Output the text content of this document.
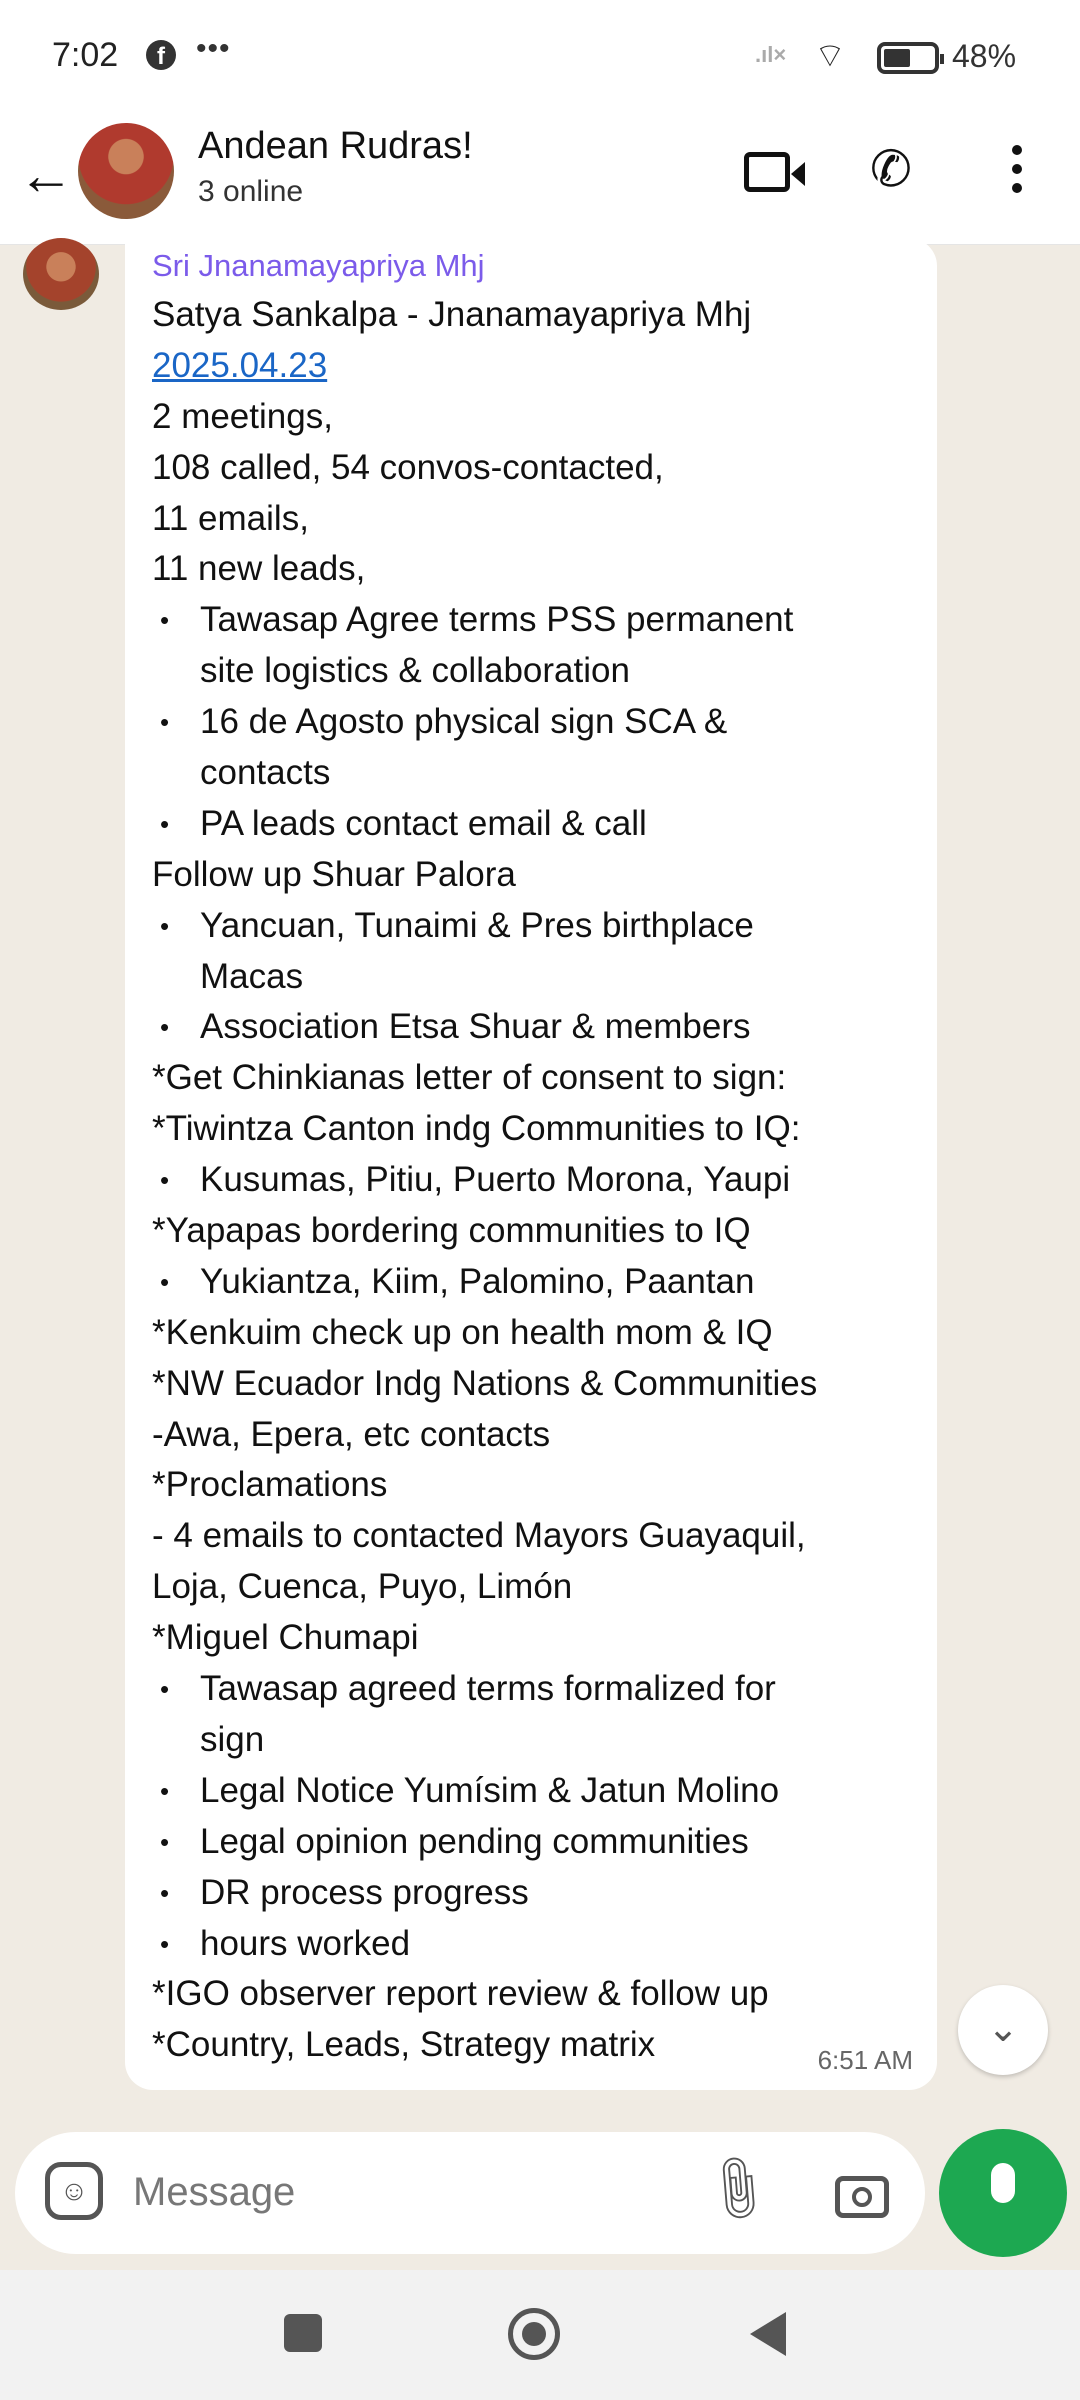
7:02	f	•••	.ıl× ⌔	48%
←	Andean Rudras!
3 online	✆
Sri Jnanamayapriya Mhj
Satya Sankalpa - Jnanamayapriya Mhj
2025.04.23
2 meetings,
108 called, 54 convos-contacted,
11 emails,
11 new leads,
• Tawasap Agree terms PSS permanent
site logistics & collaboration
• 16 de Agosto physical sign SCA &
contacts
• PA leads contact email & call
Follow up Shuar Palora
• Yancuan, Tunaimi & Pres birthplace
Macas
• Association Etsa Shuar & members
*Get Chinkianas letter of consent to sign:
*Tiwintza Canton indg Communities to IQ:
• Kusumas, Pitiu, Puerto Morona, Yaupi
*Yapapas bordering communities to IQ
• Yukiantza, Kiim, Palomino, Paantan
*Kenkuim check up on health mom & IQ
*NW Ecuador Indg Nations & Communities
-Awa, Epera, etc contacts
*Proclamations
- 4 emails to contacted Mayors Guayaquil,
Loja, Cuenca, Puyo, Limón
*Miguel Chumapi
• Tawasap agreed terms formalized for
sign
• Legal Notice Yumísim & Jatun Molino
• Legal opinion pending communities
• DR process progress
• hours worked
*IGO observer report review & follow up
*Country, Leads, Strategy matrix	6:51 AM
⌄
☺	Message	📎︎
